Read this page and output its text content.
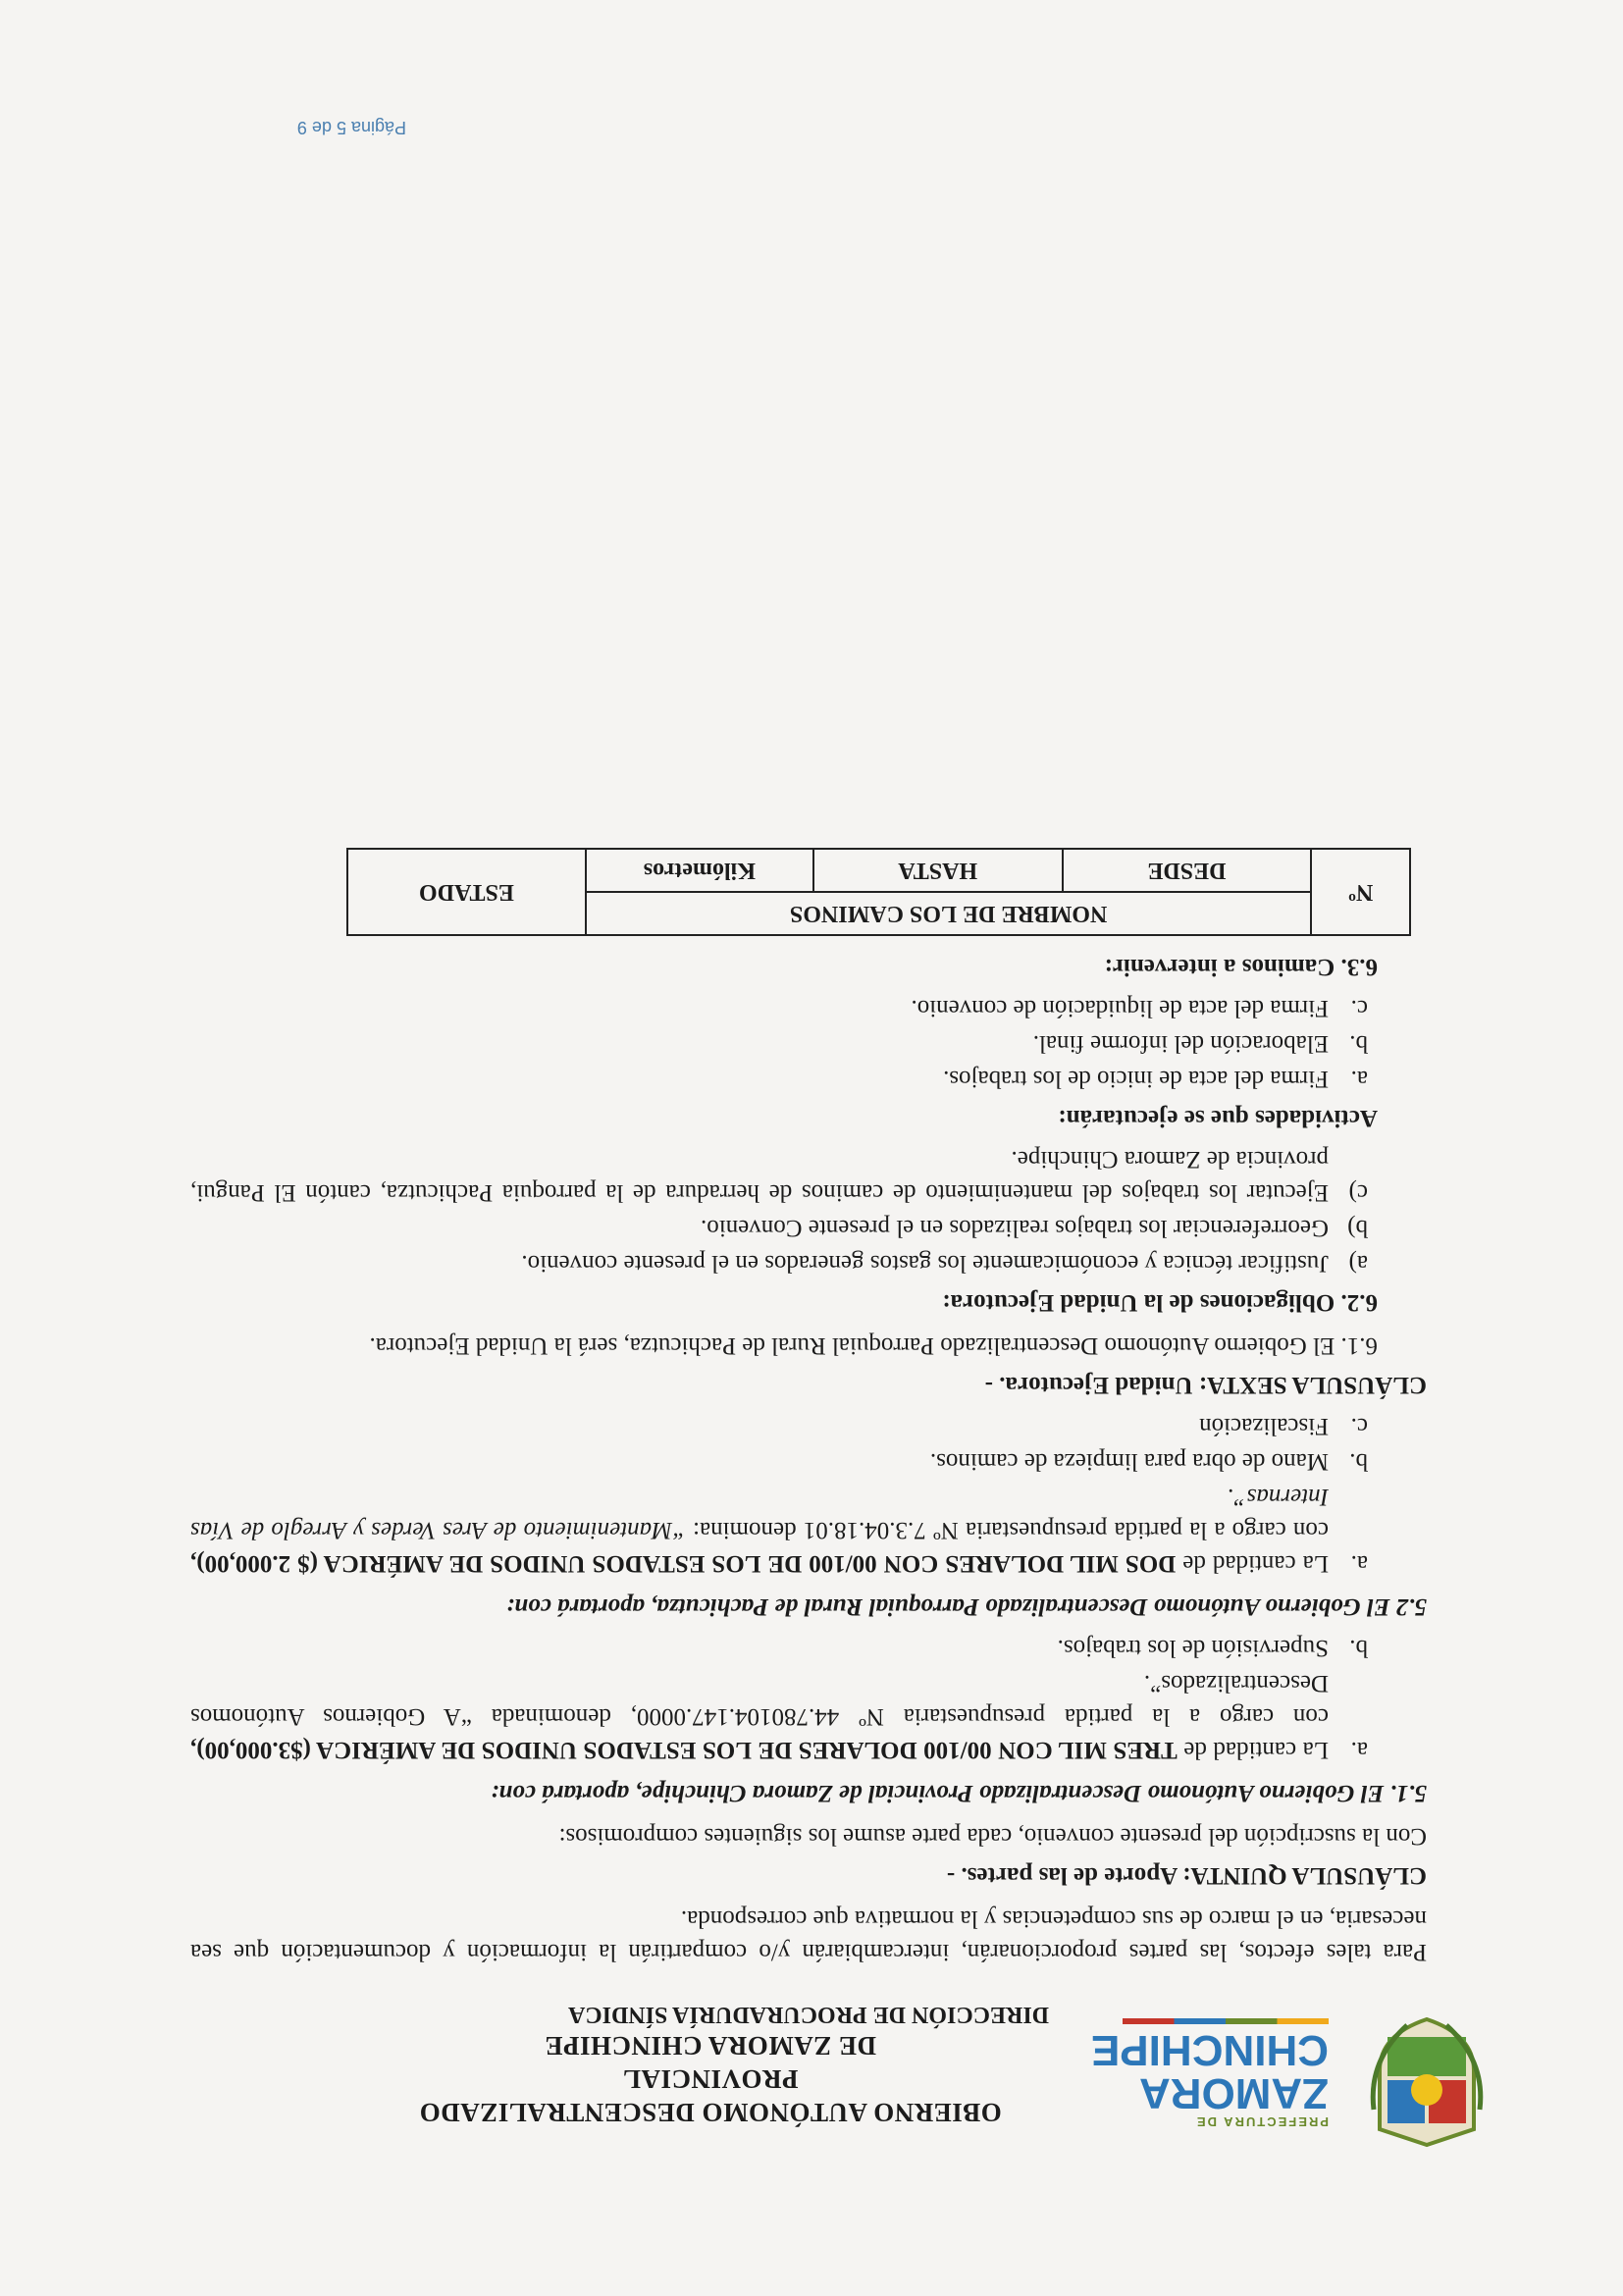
PREFECTURA DE
ZAMORA
CHINCHIPE
OBIERNO AUTÓNOMO DESCENTRALIZADO PROVINCIAL
DE ZAMORA CHINCHIPE
DIRECCIÓN DE PROCURADURÍA SÍNDICA

Para tales efectos, las partes proporcionarán, intercambiarán y/o compartirán la información y documentación que sea necesaria, en el marco de sus competencias y la normativa que corresponda.

CLÁUSULA QUINTA: Aporte de las partes. -

Con la suscripción del presente convenio, cada parte asume los siguientes compromisos:

5.1. El Gobierno Autónomo Descentralizado Provincial de Zamora Chinchipe, aportará con:

a.
La cantidad de TRES MIL CON 00/100 DOLARES DE LOS ESTADOS UNIDOS DE AMÉRICA ($3.000,00), con cargo a la partida presupuestaria Nº 44.780104.147.0000, denominada “A Gobiernos Autónomos Descentralizados”.
b.
Supervisión de los trabajos.

5.2 El Gobierno Autónomo Descentralizado Parroquial Rural de Pachicutza, aportará con:

a.
La cantidad de DOS MIL DOLARES CON 00/100 DE LOS ESTADOS UNIDOS DE AMÉRICA ($ 2.000,00), con cargo a la partida presupuestaria Nº 7.3.04.18.01 denomina: “Mantenimiento de Ares Verdes y Arreglo de Vías Internas”.
b.
Mano de obra para limpieza de caminos.
c.
Fiscalización

CLÁUSULA SEXTA: Unidad Ejecutora. -

6.1. El Gobierno Autónomo Descentralizado Parroquial Rural de Pachicutza, será la Unidad Ejecutora.

6.2. Obligaciones de la Unidad Ejecutora:

a)
Justificar técnica y económicamente los gastos generados en el presente convenio.
b)
Georreferenciar los trabajos realizados en el presente Convenio.
c)
Ejecutar los trabajos del mantenimiento de caminos de herradura de la parroquia Pachicutza, cantón El Pangui, provincia de Zamora Chinchipe.

Actividades que se ejecutarán:

a.
Firma del acta de inicio de los trabajos.
b.
Elaboración del informe final.
c.
Firma del acta de liquidación de convenio.

6.3. Caminos a intervenir:

Nº	NOMBRE DE LOS CAMINOS			ESTADO
	DESDE	HASTA	Kilómetros	
Página 5 de 9
